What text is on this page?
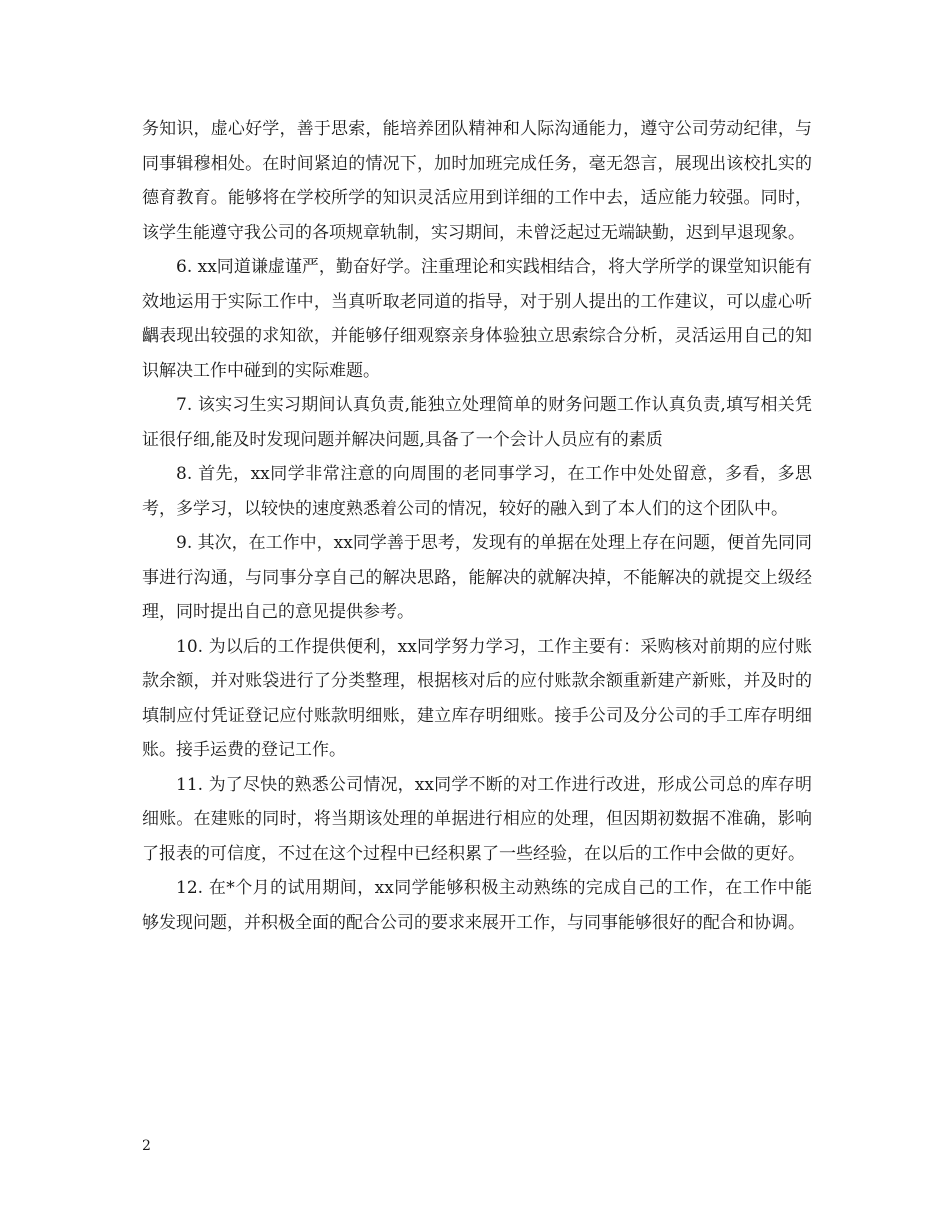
务知识，虚心好学，善于思索，能培养团队精神和人际沟通能力，遵守公司劳动纪律，与同事辑穆相处。在时间紧迫的情况下，加时加班完成任务，毫无怨言，展现出该校扎实的德育教育。能够将在学校所学的知识灵活应用到详细的工作中去，适应能力较强。同时，该学生能遵守我公司的各项规章轨制，实习期间，未曾泛起过无端缺勤，迟到早退现象。

6. xx同道谦虚谨严，勤奋好学。注重理论和实践相结合，将大学所学的课堂知识能有效地运用于实际工作中，当真听取老同道的指导，对于别人提出的工作建议，可以虚心听齵表现出较强的求知欲，并能够仔细观察亲身体验独立思索综合分析，灵活运用自己的知识解决工作中碰到的实际难题。

7. 该实习生实习期间认真负责,能独立处理简单的财务问题工作认真负责,填写相关凭证很仔细,能及时发现问题并解决问题,具备了一个会计人员应有的素质

8. 首先，xx同学非常注意的向周围的老同事学习，在工作中处处留意，多看，多思考，多学习，以较快的速度熟悉着公司的情况，较好的融入到了本人们的这个团队中。

9. 其次，在工作中，xx同学善于思考，发现有的单据在处理上存在问题，便首先同同事进行沟通，与同事分享自己的解决思路，能解决的就解决掉，不能解决的就提交上级经理，同时提出自己的意见提供参考。

10. 为以后的工作提供便利，xx同学努力学习，工作主要有：采购核对前期的应付账款余额，并对账袋进行了分类整理，根据核对后的应付账款余额重新建产新账，并及时的填制应付凭证登记应付账款明细账，建立库存明细账。接手公司及分公司的手工库存明细账。接手运费的登记工作。

11. 为了尽快的熟悉公司情况，xx同学不断的对工作进行改进，形成公司总的库存明细账。在建账的同时，将当期该处理的单据进行相应的处理，但因期初数据不准确，影响了报表的可信度，不过在这个过程中已经积累了一些经验，在以后的工作中会做的更好。

12. 在*个月的试用期间，xx同学能够积极主动熟练的完成自己的工作，在工作中能够发现问题，并积极全面的配合公司的要求来展开工作，与同事能够很好的配合和协调。

2
